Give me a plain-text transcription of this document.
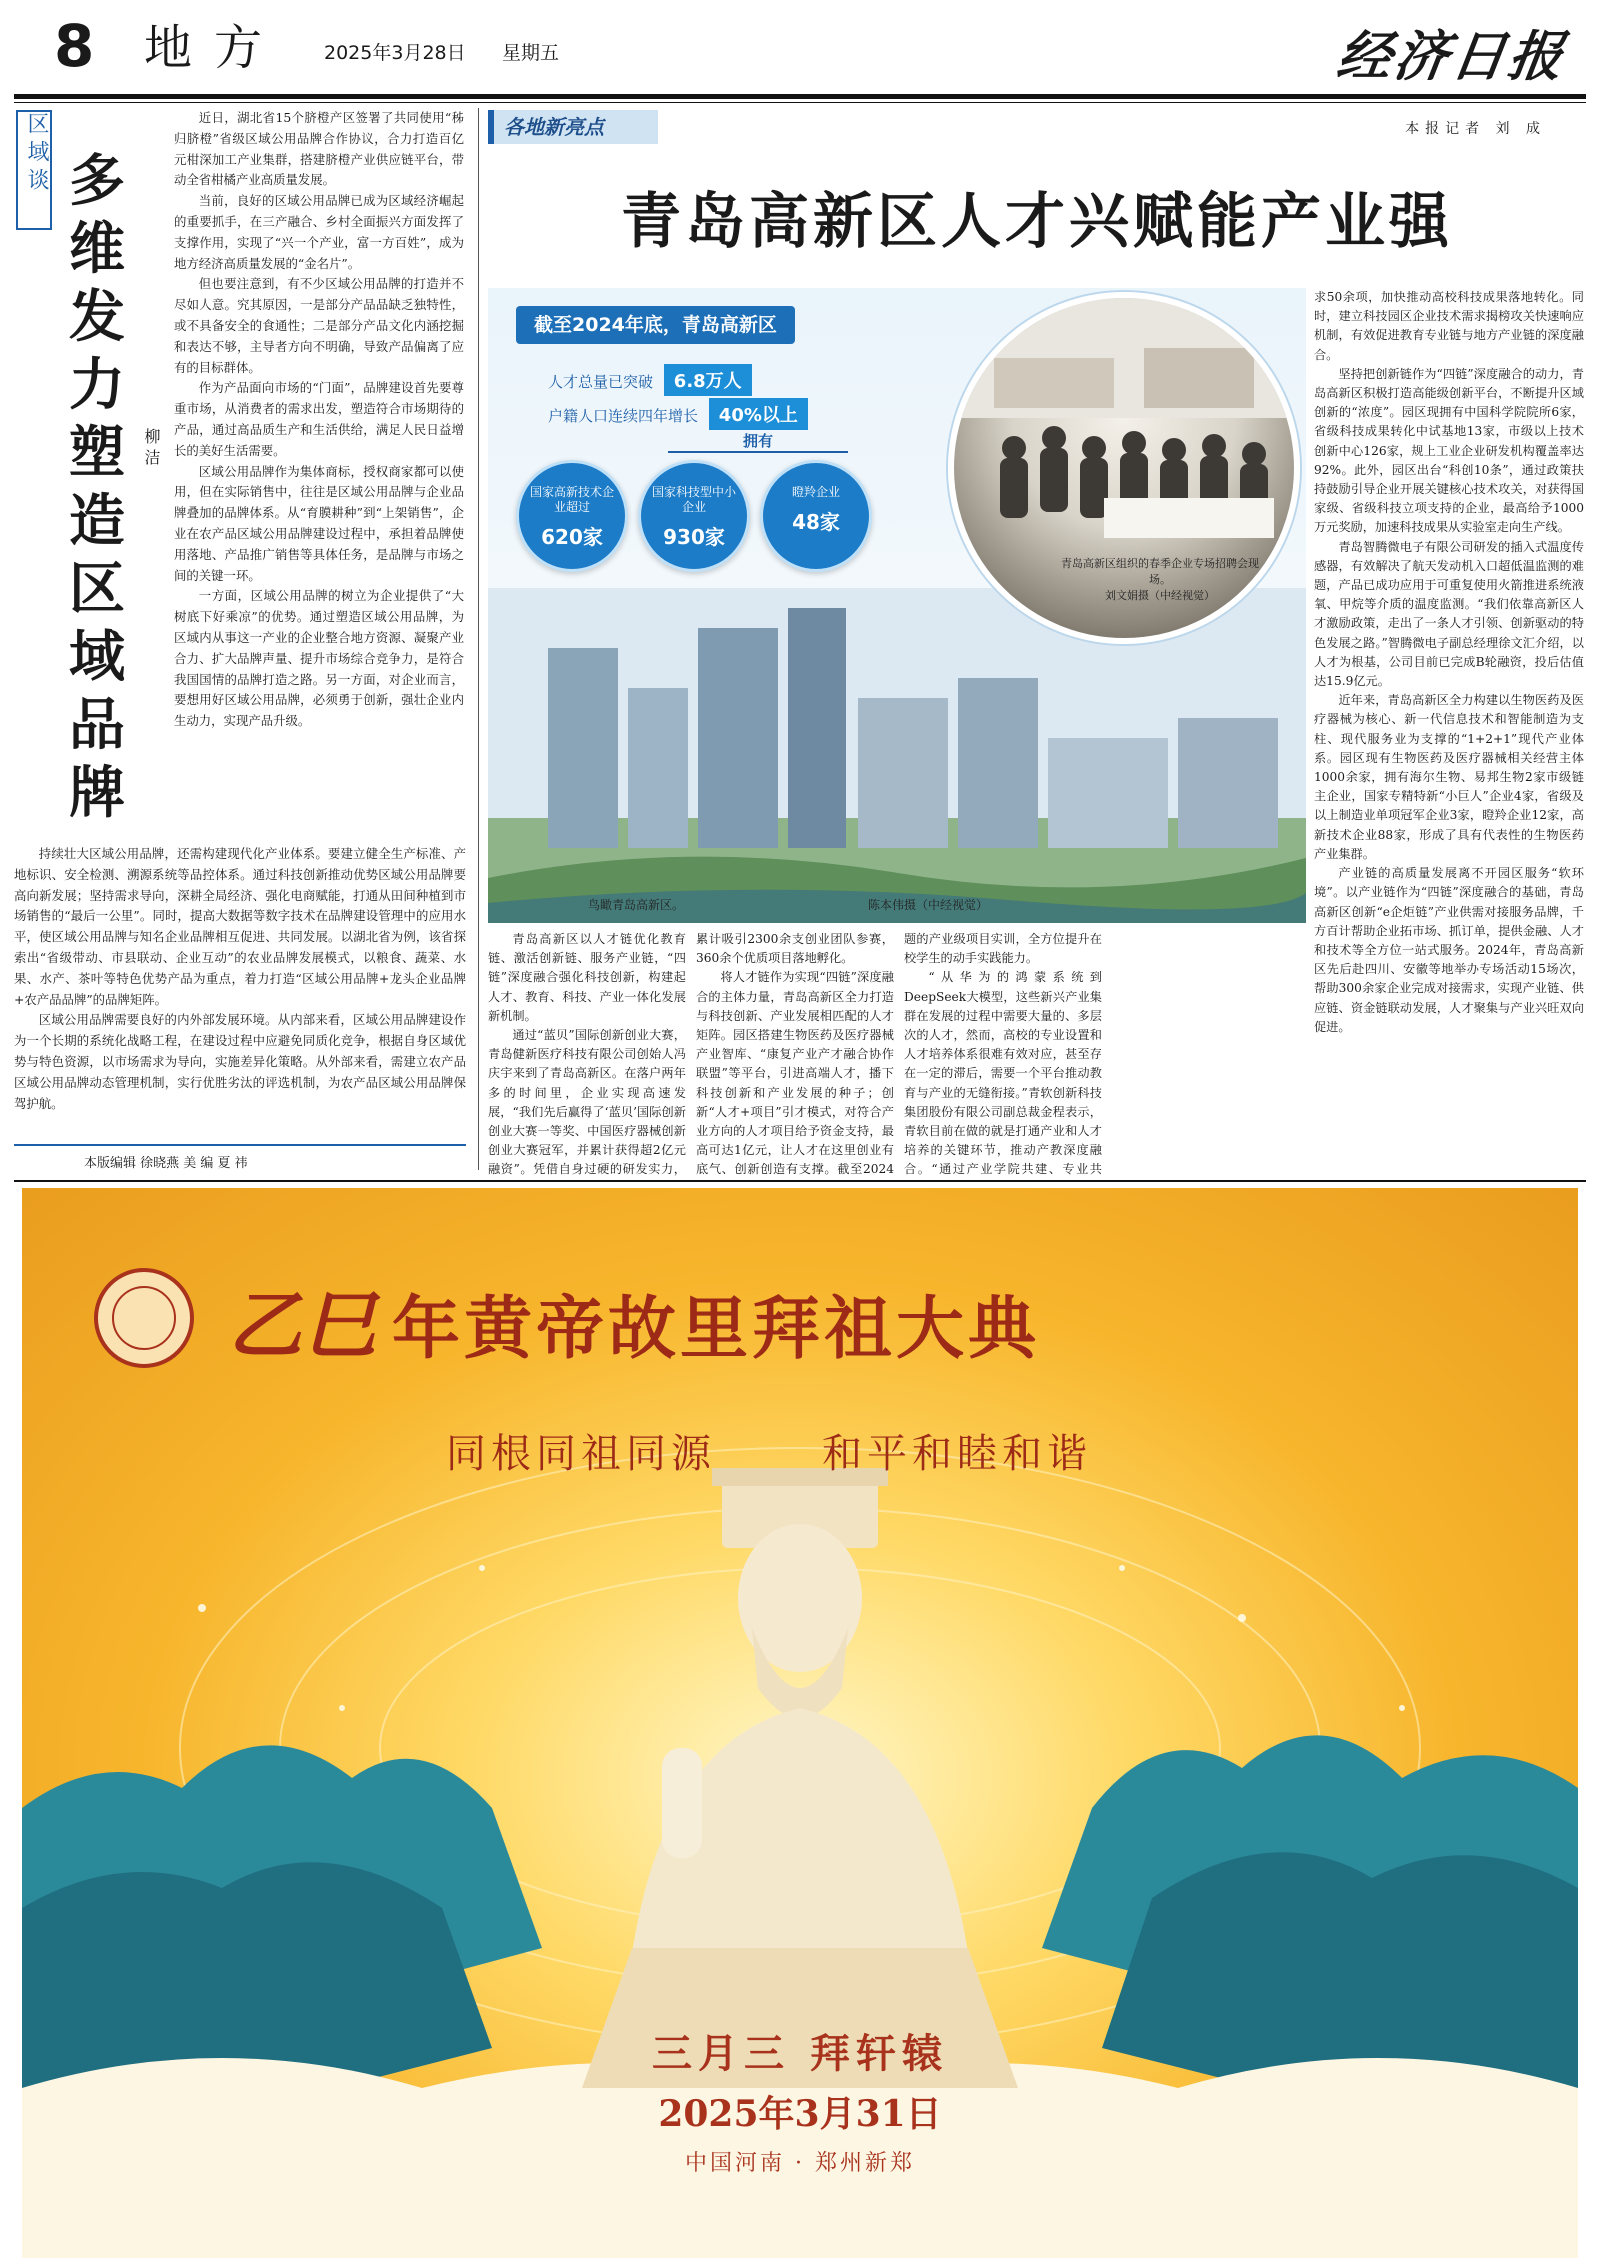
8 地方 2025年3月28日 星期五	经济日报
区域谈 多维发力塑造区域品牌
柳 洁

近日，湖北省15个脐橙产区签署了共同使用“秭归脐橙”省级区域公用品牌合作协议，合力打造百亿元柑深加工产业集群，搭建脐橙产业供应链平台，带动全省柑橘产业高质量发展。

当前，良好的区域公用品牌已成为区域经济崛起的重要抓手，在三产融合、乡村全面振兴方面发挥了支撑作用，实现了“兴一个产业，富一方百姓”，成为地方经济高质量发展的“金名片”。

但也要注意到，有不少区域公用品牌的打造并不尽如人意。究其原因，一是部分产品品缺乏独特性，或不具备安全的食通性；二是部分产品文化内涵挖掘和表达不够，主导者方向不明确，导致产品偏离了应有的目标群体。

作为产品面向市场的“门面”，品牌建设首先要尊重市场，从消费者的需求出发，塑造符合市场期待的产品，通过高品质生产和生活供给，满足人民日益增长的美好生活需要。

区域公用品牌作为集体商标，授权商家都可以使用，但在实际销售中，往往是区域公用品牌与企业品牌叠加的品牌体系。从“育膜耕种”到“上架销售”，企业在农产品区域公用品牌建设过程中，承担着品牌使用落地、产品推广销售等具体任务，是品牌与市场之间的关键一环。

一方面，区域公用品牌的树立为企业提供了“大树底下好乘凉”的优势。通过塑造区域公用品牌，为区域内从事这一产业的企业整合地方资源、凝聚产业合力、扩大品牌声量、提升市场综合竞争力，是符合我国国情的品牌打造之路。另一方面，对企业而言，要想用好区域公用品牌，必须勇于创新，强壮企业内生动力，实现产品升级。

持续壮大区域公用品牌，还需构建现代化产业体系。要建立健全生产标准、产地标识、安全检测、溯源系统等品控体系。通过科技创新推动优势区域公用品牌要高向新发展；坚持需求导向，深耕全局经济、强化电商赋能，打通从田间种植到市场销售的“最后一公里”。同时，提高大数据等数字技术在品牌建设管理中的应用水平，使区域公用品牌与知名企业品牌相互促进、共同发展。以湖北省为例，该省探索出“省级带动、市县联动、企业互动”的农业品牌发展模式，以粮食、蔬菜、水果、水产、茶叶等特色优势产品为重点，着力打造“区域公用品牌+龙头企业品牌+农产品品牌”的品牌矩阵。

区域公用品牌需要良好的内外部发展环境。从内部来看，区域公用品牌建设作为一个长期的系统化战略工程，在建设过程中应避免同质化竞争，根据自身区域优势与特色资源，以市场需求为导向，实施差异化策略。从外部来看，需建立农产品区域公用品牌动态管理机制，实行优胜劣汰的评选机制，为农产品区域公用品牌保驾护航。

本版编辑 徐晓燕 美 编 夏 祎
各地新亮点	本报记者 刘 成
青岛高新区人才兴赋能产业强
截至2024年底，青岛高新区
人才总量已突破 6.8万人
户籍人口连续四年增长 40%以上
拥有
国家高新技术企业超过
620家
国家科技型中小企业
930家
瞪羚企业
48家
青岛高新区组织的春季企业专场招聘会现场。
刘文娟摄（中经视觉）
鸟瞰青岛高新区。	陈本伟摄（中经视觉）

求50余项，加快推动高校科技成果落地转化。同时，建立科技园区企业技术需求揭榜攻关快速响应机制，有效促进教育专业链与地方产业链的深度融合。

坚持把创新链作为“四链”深度融合的动力，青岛高新区积极打造高能级创新平台，不断提升区域创新的“浓度”。园区现拥有中国科学院院所6家，省级科技成果转化中试基地13家，市级以上技术创新中心126家，规上工业企业研发机构覆盖率达92%。此外，园区出台“科创10条”，通过政策扶持鼓励引导企业开展关键核心技术攻关，对获得国家级、省级科技立项支持的企业，最高给予1000万元奖励，加速科技成果从实验室走向生产线。

青岛智腾微电子有限公司研发的插入式温度传感器，有效解决了航天发动机入口超低温监测的难题，产品已成功应用于可重复使用火箭推进系统液氧、甲烷等介质的温度监测。“我们依靠高新区人才激励政策，走出了一条人才引领、创新驱动的特色发展之路。”智腾微电子副总经理徐文汇介绍，以人才为根基，公司目前已完成B轮融资，投后估值达15.9亿元。

近年来，青岛高新区全力构建以生物医药及医疗器械为核心、新一代信息技术和智能制造为支柱、现代服务业为支撑的“1+2+1”现代产业体系。园区现有生物医药及医疗器械相关经营主体1000余家，拥有海尔生物、易邦生物2家市级链主企业，国家专精特新“小巨人”企业4家，省级及以上制造业单项冠军企业3家，瞪羚企业12家，高新技术企业88家，形成了具有代表性的生物医药产业集群。

产业链的高质量发展离不开园区服务“软环境”。以产业链作为“四链”深度融合的基础，青岛高新区创新“e企炬链”产业供需对接服务品牌，千方百计帮助企业拓市场、抓订单，提供金融、人才和技术等全方位一站式服务。2024年，青岛高新区先后赴四川、安徽等地举办专场活动15场次，帮助300余家企业完成对接需求，实现产业链、供应链、资金链联动发展，人才聚集与产业兴旺双向促进。

青岛高新区以人才链优化教育链、激活创新链、服务产业链，“四链”深度融合强化科技创新，构建起人才、教育、科技、产业一体化发展新机制。

通过“蓝贝”国际创新创业大赛，青岛健新医疗科技有限公司创始人冯庆宇来到了青岛高新区。在落户两年多的时间里，企业实现高速发展，“我们先后赢得了‘蓝贝’国际创新创业大赛一等奖、中国医疗器械创新创业大赛冠军，并累计获得超2亿元融资”。凭借自身过硬的研发实力，

累计吸引2300余支创业团队参赛，360余个优质项目落地孵化。

将人才链作为实现“四链”深度融合的主体力量，青岛高新区全力打造与科技创新、产业发展相匹配的人才矩阵。园区搭建生物医药及医疗器械产业智库、“康复产业产才融合协作联盟”等平台，引进高端人才，播下科技创新和产业发展的种子；创新“人才+项目”引才模式，对符合产业方向的人才项目给予资金支持，最高可达1亿元，让人才在这里创业有底气、创新创造有支撑。截至2024

题的产业级项目实训，全方位提升在校学生的动手实践能力。

“从华为的鸿蒙系统到DeepSeek大模型，这些新兴产业集群在发展的过程中需要大量的、多层次的人才，然而，高校的专业设置和人才培养体系很难有效对应，甚至存在一定的滞后，需要一个平台推动教育与产业的无缝衔接。”青软创新科技集团股份有限公司副总裁金程表示，青软目前在做的就是打通产业和人才培养的关键环节，推动产教深度融合。“通过产业学院共建、专业共

乙巳 年黄帝故里拜祖大典
同根同祖同源	和平和睦和谐
三月三 拜轩辕
2025年3月31日
中国河南 · 郑州新郑
